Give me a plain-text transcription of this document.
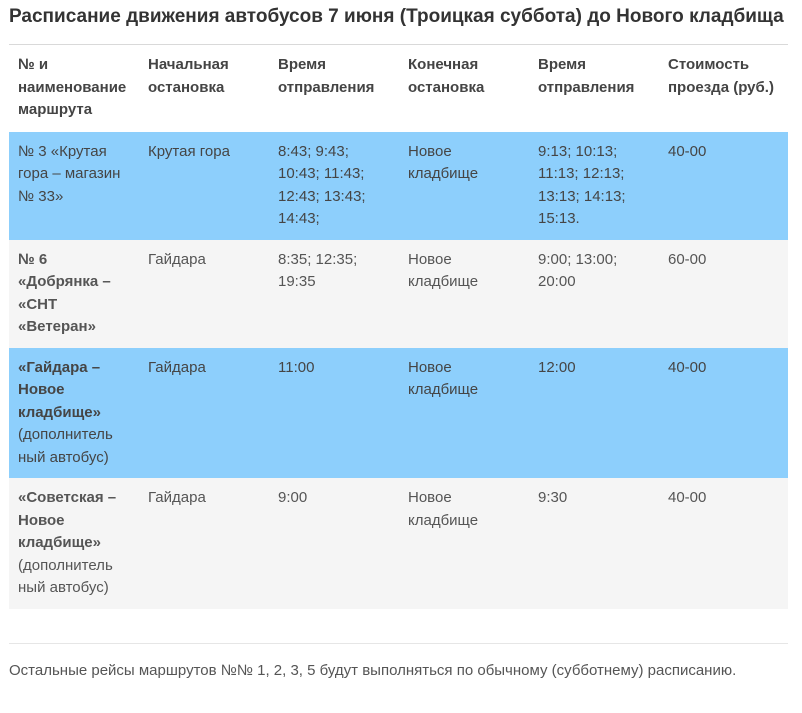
Расписание движения автобусов 7 июня (Троицкая суббота) до Нового кладбища
№ и наименование маршрута	Начальная остановка	Время отправления	Конечная остановка	Время отправления	Стоимость проезда (руб.)
№ 3 «Крутая гора – магазин № 33»	Крутая гора	8:43; 9:43; 10:43; 11:43; 12:43; 13:43; 14:43;	Новое кладбище	9:13; 10:13; 11:13; 12:13; 13:13; 14:13; 15:13.	40-00
№ 6 «Добрянка – «СНТ «Ветеран»	Гайдара	8:35; 12:35; 19:35	Новое кладбище	9:00; 13:00; 20:00	60-00
«Гайдара – Новое кладбище» (дополнитель ный автобус)	Гайдара	11:00	Новое кладбище	12:00	40-00
«Советская – Новое кладбище» (дополнитель ный автобус)	Гайдара	9:00	Новое кладбище	9:30	40-00

Остальные рейсы маршрутов №№ 1, 2, 3, 5 будут выполняться по обычному (субботнему) расписанию.
